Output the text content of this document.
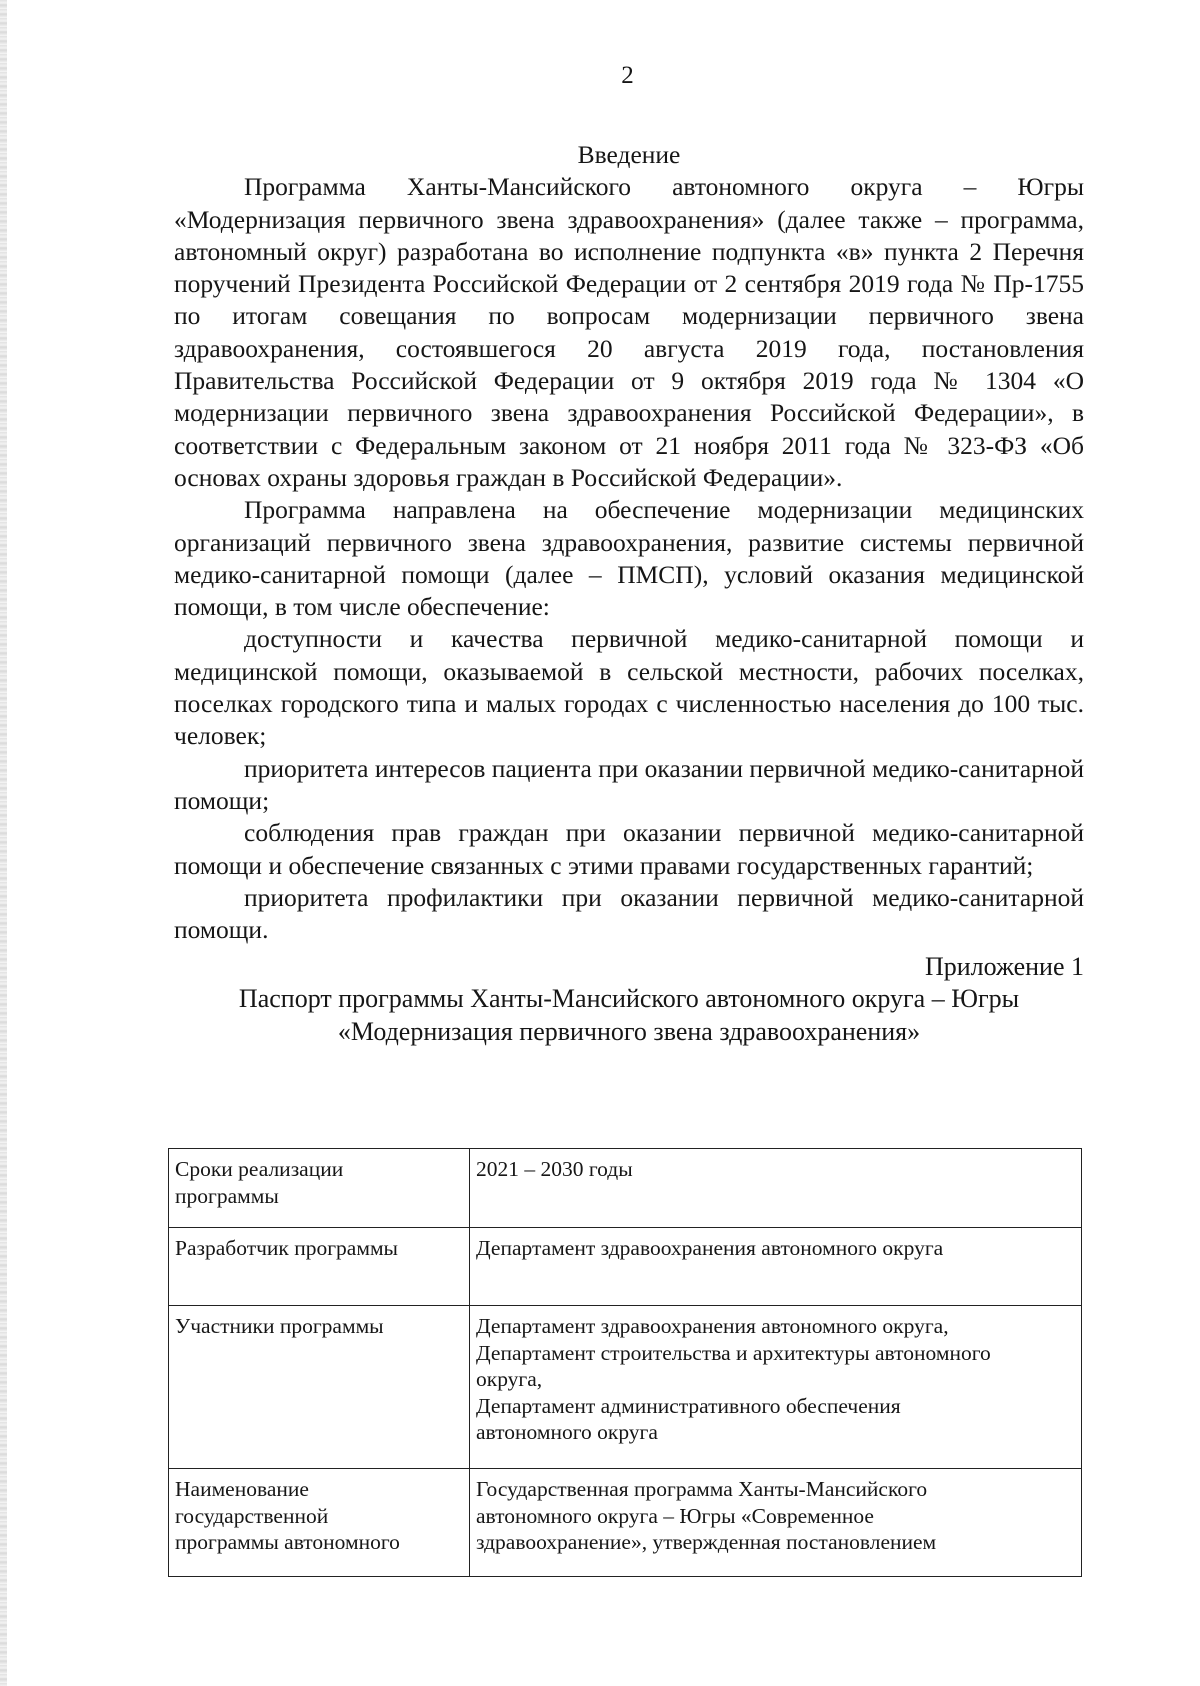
2
Введение

Программа Ханты-Мансийского автономного округа – Югры «Модернизация первичного звена здравоохранения» (далее также – программа, автономный округ) разработана во исполнение подпункта «в» пункта 2 Перечня поручений Президента Российской Федерации от 2 сентября 2019 года № Пр-1755 по итогам совещания по вопросам модернизации первичного звена здравоохранения, состоявшегося 20 августа 2019 года, постановления Правительства Российской Федерации от 9 октября 2019 года № 1304 «О модернизации первичного звена здравоохранения Российской Федерации», в соответствии с Федеральным законом от 21 ноября 2011 года № 323-ФЗ «Об основах охраны здоровья граждан в Российской Федерации».

Программа направлена на обеспечение модернизации медицинских организаций первичного звена здравоохранения, развитие системы первичной медико-санитарной помощи (далее – ПМСП), условий оказания медицинской помощи, в том числе обеспечение:

доступности и качества первичной медико-санитарной помощи и медицинской помощи, оказываемой в сельской местности, рабочих поселках, поселках городского типа и малых городах с численностью населения до 100 тыс. человек;

приоритета интересов пациента при оказании первичной медико-санитарной помощи;

соблюдения прав граждан при оказании первичной медико-санитарной помощи и обеспечение связанных с этими правами государственных гарантий;

приоритета профилактики при оказании первичной медико-санитарной помощи.

Приложение 1

Паспорт программы Ханты-Мансийского автономного округа – Югры
«Модернизация первичного звена здравоохранения»

Сроки реализации
программы	2021 – 2030 годы

Разработчик программы	Департамент здравоохранения автономного округа

Участники программы	Департамент здравоохранения автономного округа,
Департамент строительства и архитектуры автономного
округа,
Департамент административного обеспечения
автономного округа

Наименование
государственной
программы автономного	Государственная программа Ханты-Мансийского
автономного округа – Югры «Современное
здравоохранение», утвержденная постановлением
